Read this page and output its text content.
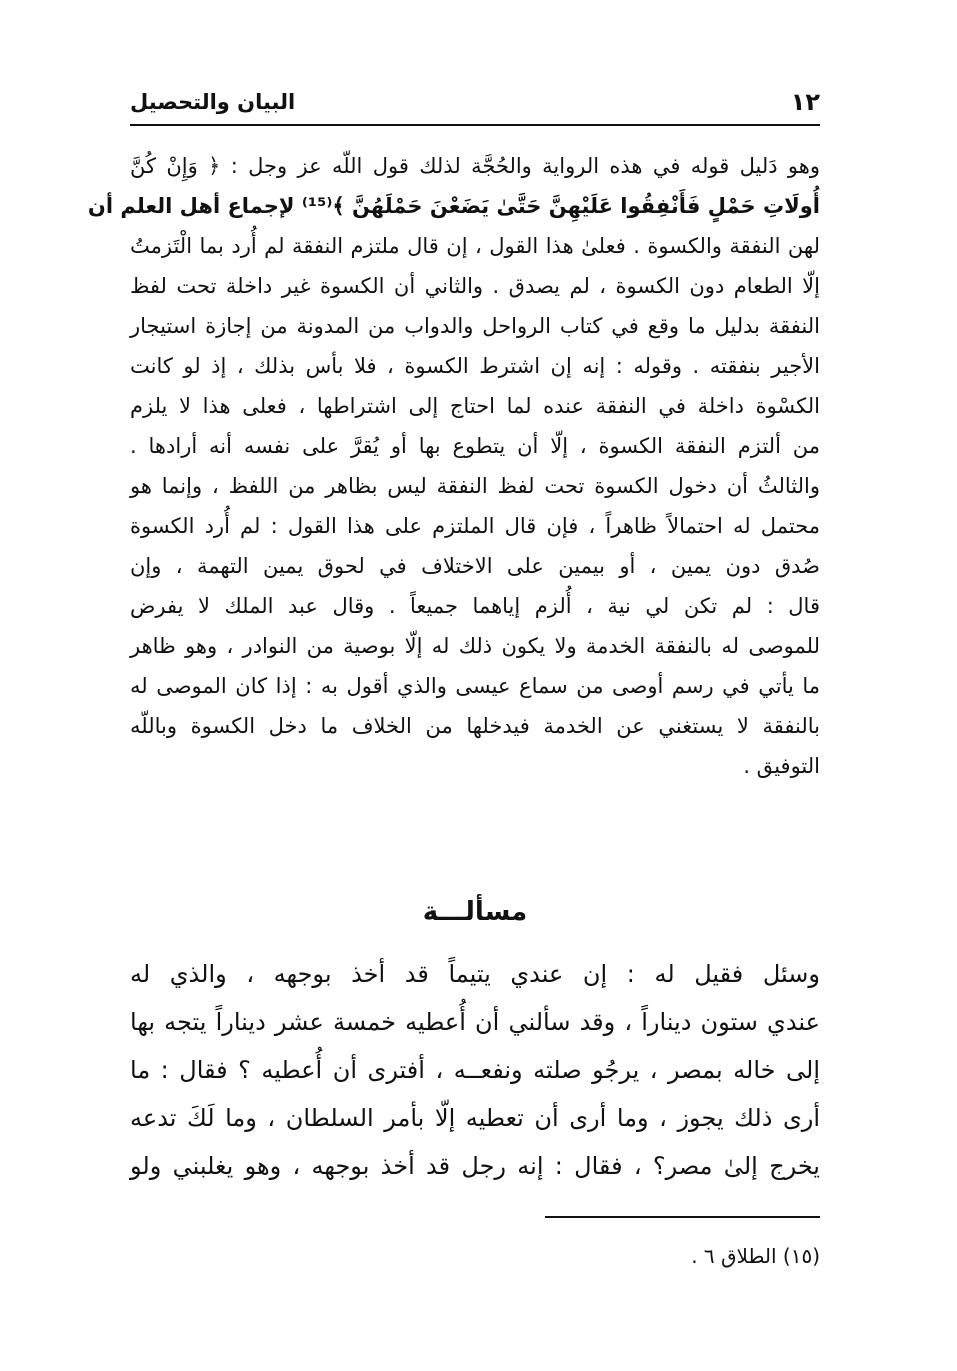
١٢
البيان والتحصيل
وهو دَليل قوله في هذه الرواية والحُجَّة لذلك قول اللّه عز وجل : ﴿ وَإِنْ كُنَّ
أُولَاتِ حَمْلٍ فَأَنْفِقُوا عَلَيْهِنَّ حَتَّىٰ يَضَعْنَ حَمْلَهُنَّ ﴾⁽¹⁵⁾ لإجماع أهل العلم أن
لهن النفقة والكسوة . فعلىٰ هذا القول ، إن قال ملتزم النفقة لم أُرد بما الْتَزمتُ
إلّا الطعام دون الكسوة ، لم يصدق . والثاني أن الكسوة غير داخلة تحت لفظ
النفقة بدليل ما وقع في كتاب الرواحل والدواب من المدونة من إجازة استيجار
الأجير بنفقته . وقوله : إنه إن اشترط الكسوة ، فلا بأس بذلك ، إذ لو كانت
الكسْوة داخلة في النفقة عنده لما احتاج إلى اشتراطها ، فعلى هذا لا يلزم
من ألتزم النفقة الكسوة ، إلّا أن يتطوع بها أو يُقرَّ على نفسه أنه أرادها .
والثالثُ أن دخول الكسوة تحت لفظ النفقة ليس بظاهر من اللفظ ، وإنما هو
محتمل له احتمالاً ظاهراً ، فإن قال الملتزم على هذا القول : لم أُرد الكسوة
صُدق دون يمين ، أو بيمين على الاختلاف في لحوق يمين التهمة ، وإن
قال : لم تكن لي نية ، أُلزم إياهما جميعاً . وقال عبد الملك لا يفرض
للموصى له بالنفقة الخدمة ولا يكون ذلك له إلّا بوصية من النوادر ، وهو ظاهر
ما يأتي في رسم أوصى من سماع عيسى والذي أقول به : إذا كان الموصى له
بالنفقة لا يستغني عن الخدمة فيدخلها من الخلاف ما دخل الكسوة وباللّه
التوفيق .
مسألـــة
وسئل فقيل له : إن عندي يتيماً قد أخذ بوجهه ، والذي له
عندي ستون ديناراً ، وقد سألني أن أُعطيه خمسة عشر ديناراً يتجه بها
إلى خاله بمصر ، يرجُو صلته ونفعــه ، أفترى أن أُعطيه ؟ فقال : ما
أرى ذلك يجوز ، وما أرى أن تعطيه إلّا بأمر السلطان ، وما لَكَ تدعه
يخرج إلىٰ مصر؟ ، فقال : إنه رجل قد أخذ بوجهه ، وهو يغلبني ولو
(١٥) الطلاق ٦ .
